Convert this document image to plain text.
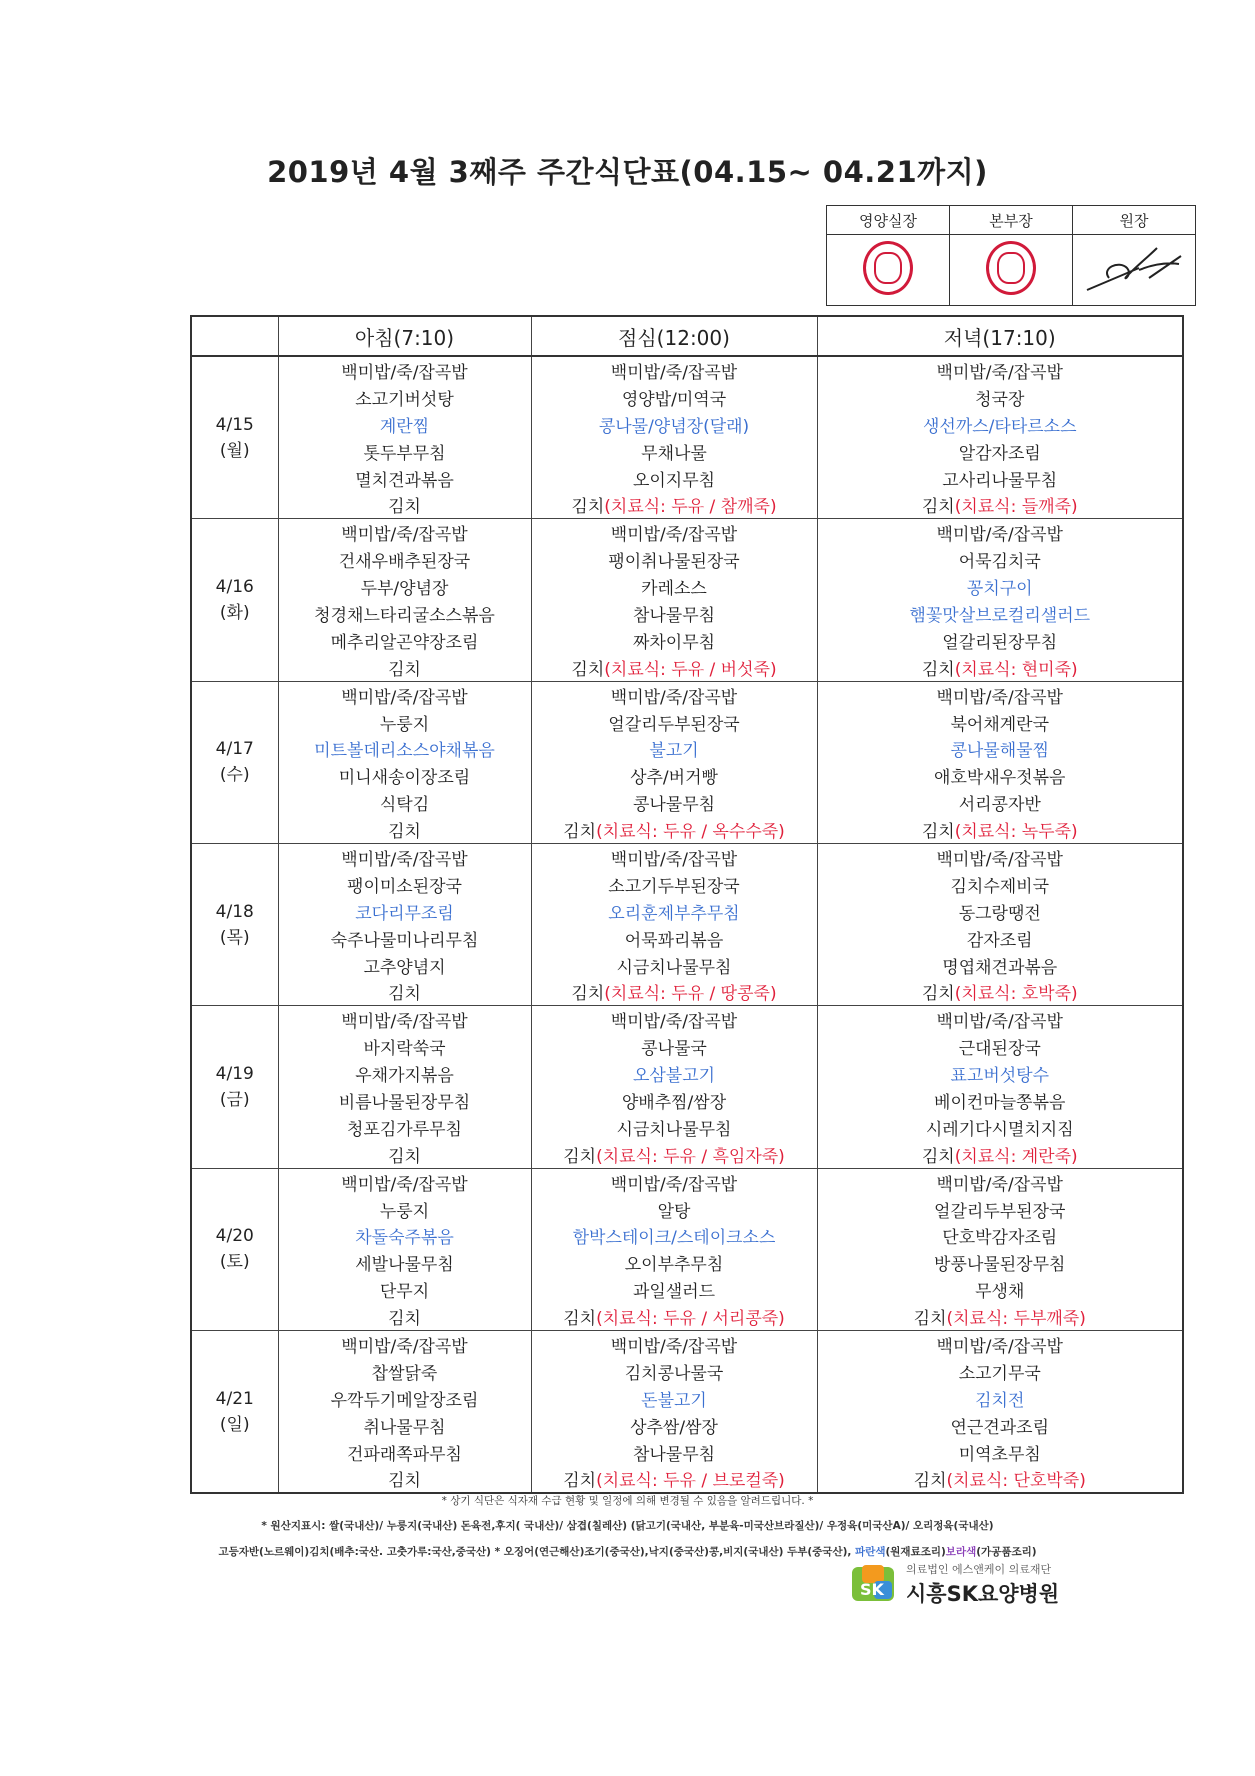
2019년 4월 3째주 주간식단표(04.15~ 04.21까지)
영양실장	본부장	원장

	아침(7:10)	점심(12:00)	저녁(17:10)

4/15
(월)	백미밥/죽/잡곡밥	백미밥/죽/잡곡밥	백미밥/죽/잡곡밥
	소고기버섯탕	영양밥/미역국	청국장
	계란찜	콩나물/양념장(달래)	생선까스/타타르소스
	톳두부무침	무채나물	알감자조림
	멸치견과볶음	오이지무침	고사리나물무침
	김치	김치(치료식: 두유 / 참깨죽)	김치(치료식: 들깨죽)

4/16
(화)	백미밥/죽/잡곡밥	백미밥/죽/잡곡밥	백미밥/죽/잡곡밥
	건새우배추된장국	팽이취나물된장국	어묵김치국
	두부/양념장	카레소스	꽁치구이
	청경채느타리굴소스볶음	참나물무침	햄꽃맛살브로컬리샐러드
	메추리알곤약장조림	짜차이무침	얼갈리된장무침
	김치	김치(치료식: 두유 / 버섯죽)	김치(치료식: 현미죽)

4/17
(수)	백미밥/죽/잡곡밥	백미밥/죽/잡곡밥	백미밥/죽/잡곡밥
	누룽지	얼갈리두부된장국	북어채계란국
	미트볼데리소스야채볶음	불고기	콩나물해물찜
	미니새송이장조림	상추/버거빵	애호박새우젓볶음
	식탁김	콩나물무침	서리콩자반
	김치	김치(치료식: 두유 / 옥수수죽)	김치(치료식: 녹두죽)

4/18
(목)	백미밥/죽/잡곡밥	백미밥/죽/잡곡밥	백미밥/죽/잡곡밥
	팽이미소된장국	소고기두부된장국	김치수제비국
	코다리무조림	오리훈제부추무침	동그랑땡전
	숙주나물미나리무침	어묵꽈리볶음	감자조림
	고추양념지	시금치나물무침	명엽채견과볶음
	김치	김치(치료식: 두유 / 땅콩죽)	김치(치료식: 호박죽)

4/19
(금)	백미밥/죽/잡곡밥	백미밥/죽/잡곡밥	백미밥/죽/잡곡밥
	바지락쑥국	콩나물국	근대된장국
	우채가지볶음	오삼불고기	표고버섯탕수
	비름나물된장무침	양배추찜/쌈장	베이컨마늘쫑볶음
	청포김가루무침	시금치나물무침	시레기다시멸치지짐
	김치	김치(치료식: 두유 / 흑임자죽)	김치(치료식: 계란죽)

4/20
(토)	백미밥/죽/잡곡밥	백미밥/죽/잡곡밥	백미밥/죽/잡곡밥
	누룽지	알탕	얼갈리두부된장국
	차돌숙주볶음	함박스테이크/스테이크소스	단호박감자조림
	세발나물무침	오이부추무침	방풍나물된장무침
	단무지	과일샐러드	무생채
	김치	김치(치료식: 두유 / 서리콩죽)	김치(치료식: 두부깨죽)

4/21
(일)	백미밥/죽/잡곡밥	백미밥/죽/잡곡밥	백미밥/죽/잡곡밥
	찹쌀닭죽	김치콩나물국	소고기무국
	우깍두기메알장조림	돈불고기	김치전
	취나물무침	상추쌈/쌈장	연근견과조림
	건파래쪽파무침	참나물무침	미역초무침
	김치	김치(치료식: 두유 / 브로컬죽)	김치(치료식: 단호박죽)
* 상기 식단은 식자재 수급 현황 및 일정에 의해 변경될 수 있음을 알려드립니다. *
* 원산지표시: 쌀(국내산)/ 누룽지(국내산) 돈육전,후지( 국내산)/ 삼겹(칠레산) (닭고기(국내산, 부분육-미국산브라질산)/ 우정육(미국산A)/ 오리정육(국내산)
고등자반(노르웨이)김치(배추:국산. 고춧가루:국산,중국산) * 오징어(연근해산)조기(중국산),낙지(중국산)콩,비지(국내산) 두부(중국산), 파란색(원재료조리)보라색(가공품조리)
SK
의료법인 에스앤케이 의료재단
시흥SK요양병원
